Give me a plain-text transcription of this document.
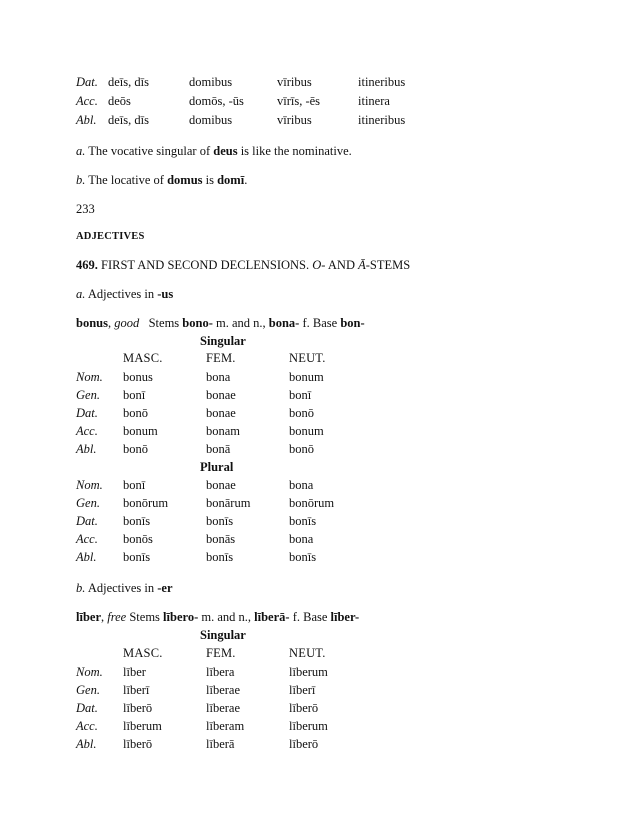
Dat. deīs, dīs	domibus	vīribus	itineribus
Acc. deōs	domōs, -ūs	vīrīs, -ēs	itinera
Abl. deīs, dīs	domibus	vīribus	itineribus
a. The vocative singular of deus is like the nominative.
b. The locative of domus is domī.
233
ADJECTIVES
469. FIRST AND SECOND DECLENSIONS. O- AND Ā-STEMS
a. Adjectives in -us
bonus, good Stems bono- m. and n., bona- f. Base bon-
Singular
MASC.	FEM.	NEUT.
Nom. bonus	bona	bonum
Gen. bonī	bonae	bonī
Dat. bonō	bonae	bonō
Acc. bonum	bonam	bonum
Abl. bonō	bonā	bonō
Plural
Nom. bonī	bonae	bona
Gen. bonōrum	bonārum	bonōrum
Dat. bonīs	bonīs	bonīs
Acc. bonōs	bonās	bona
Abl. bonīs	bonīs	bonīs
b. Adjectives in -er
līber, free Stems lībero- m. and n., līberā- f. Base līber-
Singular
MASC.	FEM.	NEUT.
Nom. līber	lībera	līberum
Gen. līberī	līberae	līberī
Dat. līberō	līberae	līberō
Acc. līberum	līberam	līberum
Abl. līberō	līberā	līberō
